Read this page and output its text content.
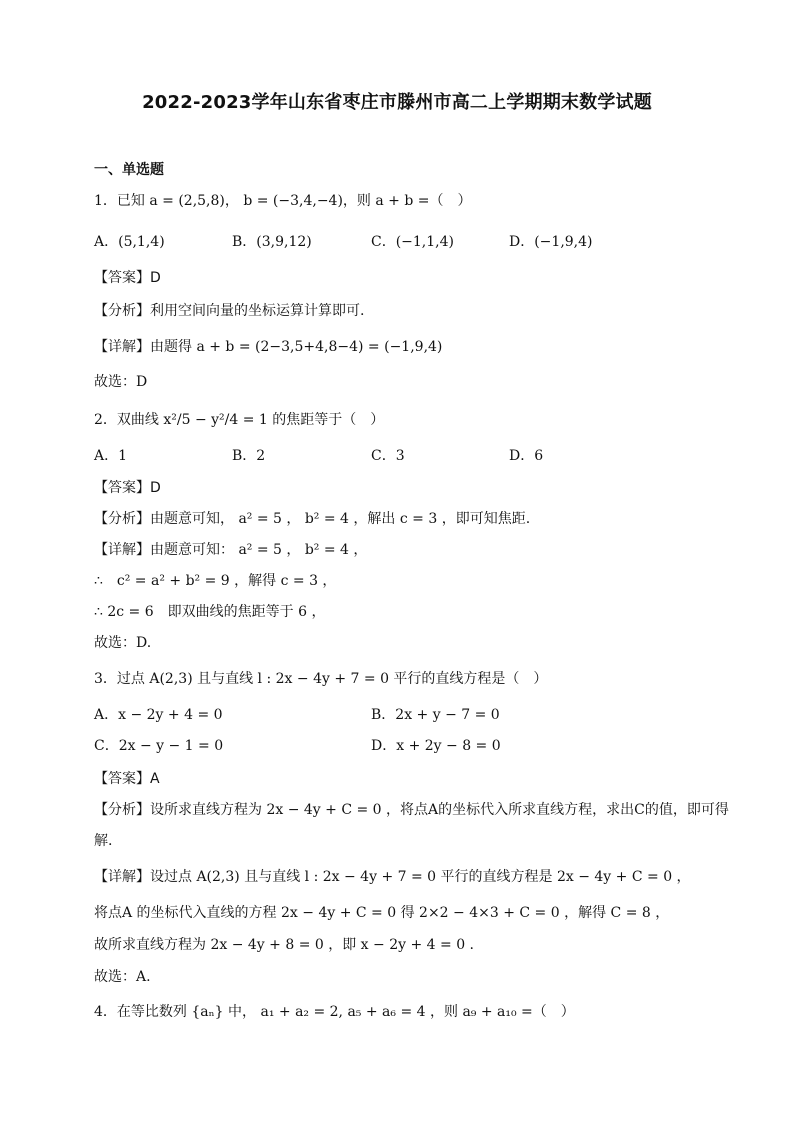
2022-2023学年山东省枣庄市滕州市高二上学期期末数学试题
一、单选题
1．已知 a = (2,5,8)， b = (−3,4,−4)，则 a + b =（　）
A．(5,1,4)	B．(3,9,12)	C．(−1,1,4)	D．(−1,9,4)
【答案】D
【分析】利用空间向量的坐标运算计算即可.
【详解】由题得 a + b = (2−3,5+4,8−4) = (−1,9,4)
故选：D
2．双曲线 x²/5 − y²/4 = 1 的焦距等于（　）
A．1	B．2	C．3	D．6
【答案】D
【分析】由题意可知， a² = 5 ， b² = 4 ，解出 c = 3 ，即可知焦距.
【详解】由题意可知： a² = 5 ， b² = 4 ，
∴　c² = a² + b² = 9 ，解得 c = 3 ，
∴ 2c = 6　即双曲线的焦距等于 6 ，
故选：D.
3．过点 A(2,3) 且与直线 l : 2x − 4y + 7 = 0 平行的直线方程是（　）
A．x − 2y + 4 = 0	B．2x + y − 7 = 0
C．2x − y − 1 = 0	D．x + 2y − 8 = 0
【答案】A
【分析】设所求直线方程为 2x − 4y + C = 0 ，将点A的坐标代入所求直线方程，求出C的值，即可得
解.
【详解】设过点 A(2,3) 且与直线 l : 2x − 4y + 7 = 0 平行的直线方程是 2x − 4y + C = 0 ，
将点A 的坐标代入直线的方程 2x − 4y + C = 0 得 2×2 − 4×3 + C = 0 ，解得 C = 8 ，
故所求直线方程为 2x − 4y + 8 = 0 ，即 x − 2y + 4 = 0 .
故选：A.
4．在等比数列 {aₙ} 中， a₁ + a₂ = 2, a₅ + a₆ = 4 ，则 a₉ + a₁₀ =（　）
